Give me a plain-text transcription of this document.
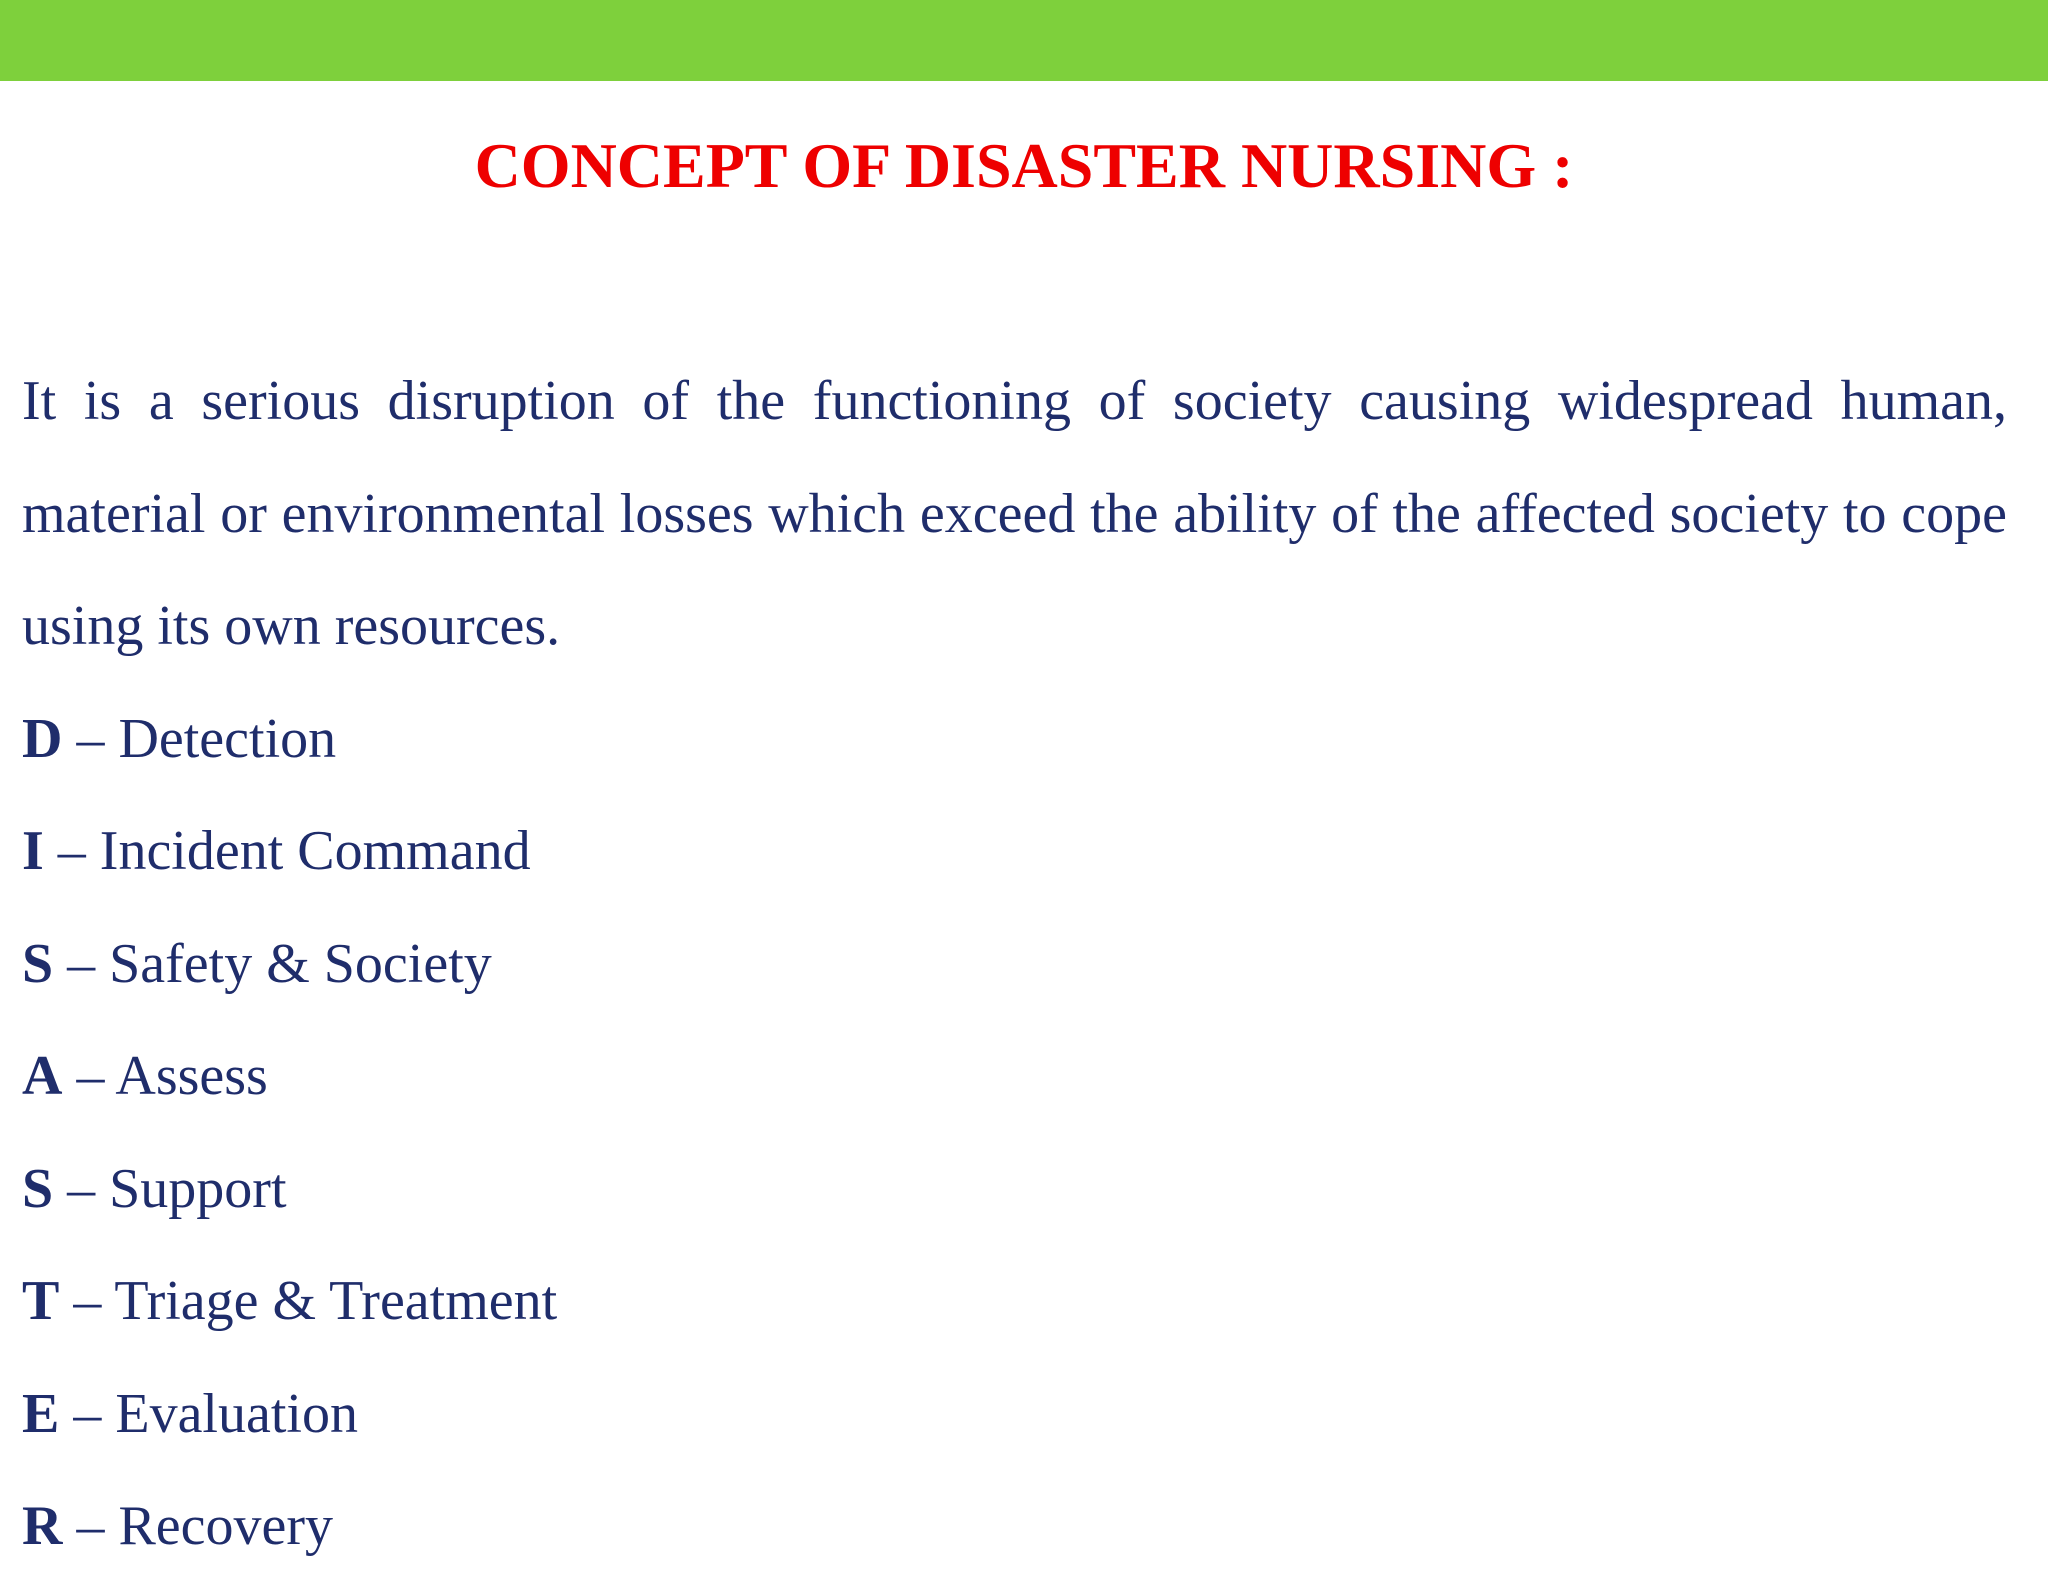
CONCEPT OF DISASTER NURSING :

It is a serious disruption of the functioning of society causing widespread human, material or environmental losses which exceed the ability of the affected society to cope using its own resources.

D – Detection
I – Incident Command
S – Safety & Society
A – Assess
S – Support
T – Triage & Treatment
E – Evaluation
R – Recovery
